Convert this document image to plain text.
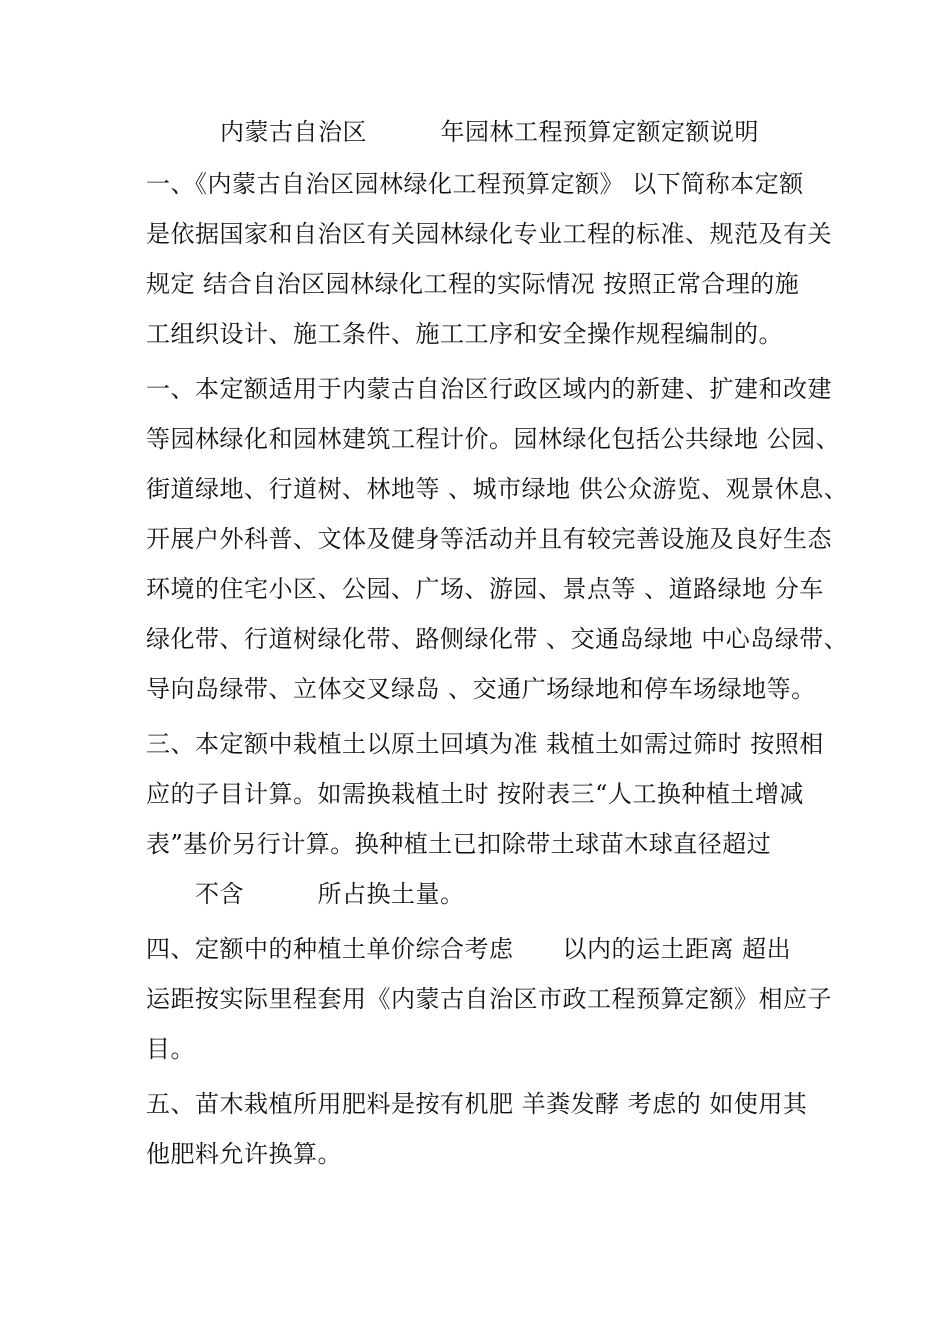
内蒙古自治区　　　年园林工程预算定额定额说明
一、《内蒙古自治区园林绿化工程预算定额》 以下简称本定额
是依据国家和自治区有关园林绿化专业工程的标准、规范及有关
规定 结合自治区园林绿化工程的实际情况 按照正常合理的施
工组织设计、施工条件、施工工序和安全操作规程编制的。
一、本定额适用于内蒙古自治区行政区域内的新建、扩建和改建
等园林绿化和园林建筑工程计价。园林绿化包括公共绿地 公园、
街道绿地、行道树、林地等 、城市绿地 供公众游览、观景休息、
开展户外科普、文体及健身等活动并且有较完善设施及良好生态
环境的住宅小区、公园、广场、游园、景点等 、道路绿地 分车
绿化带、行道树绿化带、路侧绿化带 、交通岛绿地 中心岛绿带、
导向岛绿带、立体交叉绿岛 、交通广场绿地和停车场绿地等。
三、本定额中栽植土以原土回填为准 栽植土如需过筛时 按照相
应的子目计算。如需换栽植土时 按附表三“人工换种植土增减
表”基价另行计算。换种植土已扣除带土球苗木球直径超过
　　不含　　　所占换土量。
四、定额中的种植土单价综合考虑　　以内的运土距离 超出
运距按实际里程套用《内蒙古自治区市政工程预算定额》相应子
目。
五、苗木栽植所用肥料是按有机肥 羊粪发酵 考虑的 如使用其
他肥料允许换算。
